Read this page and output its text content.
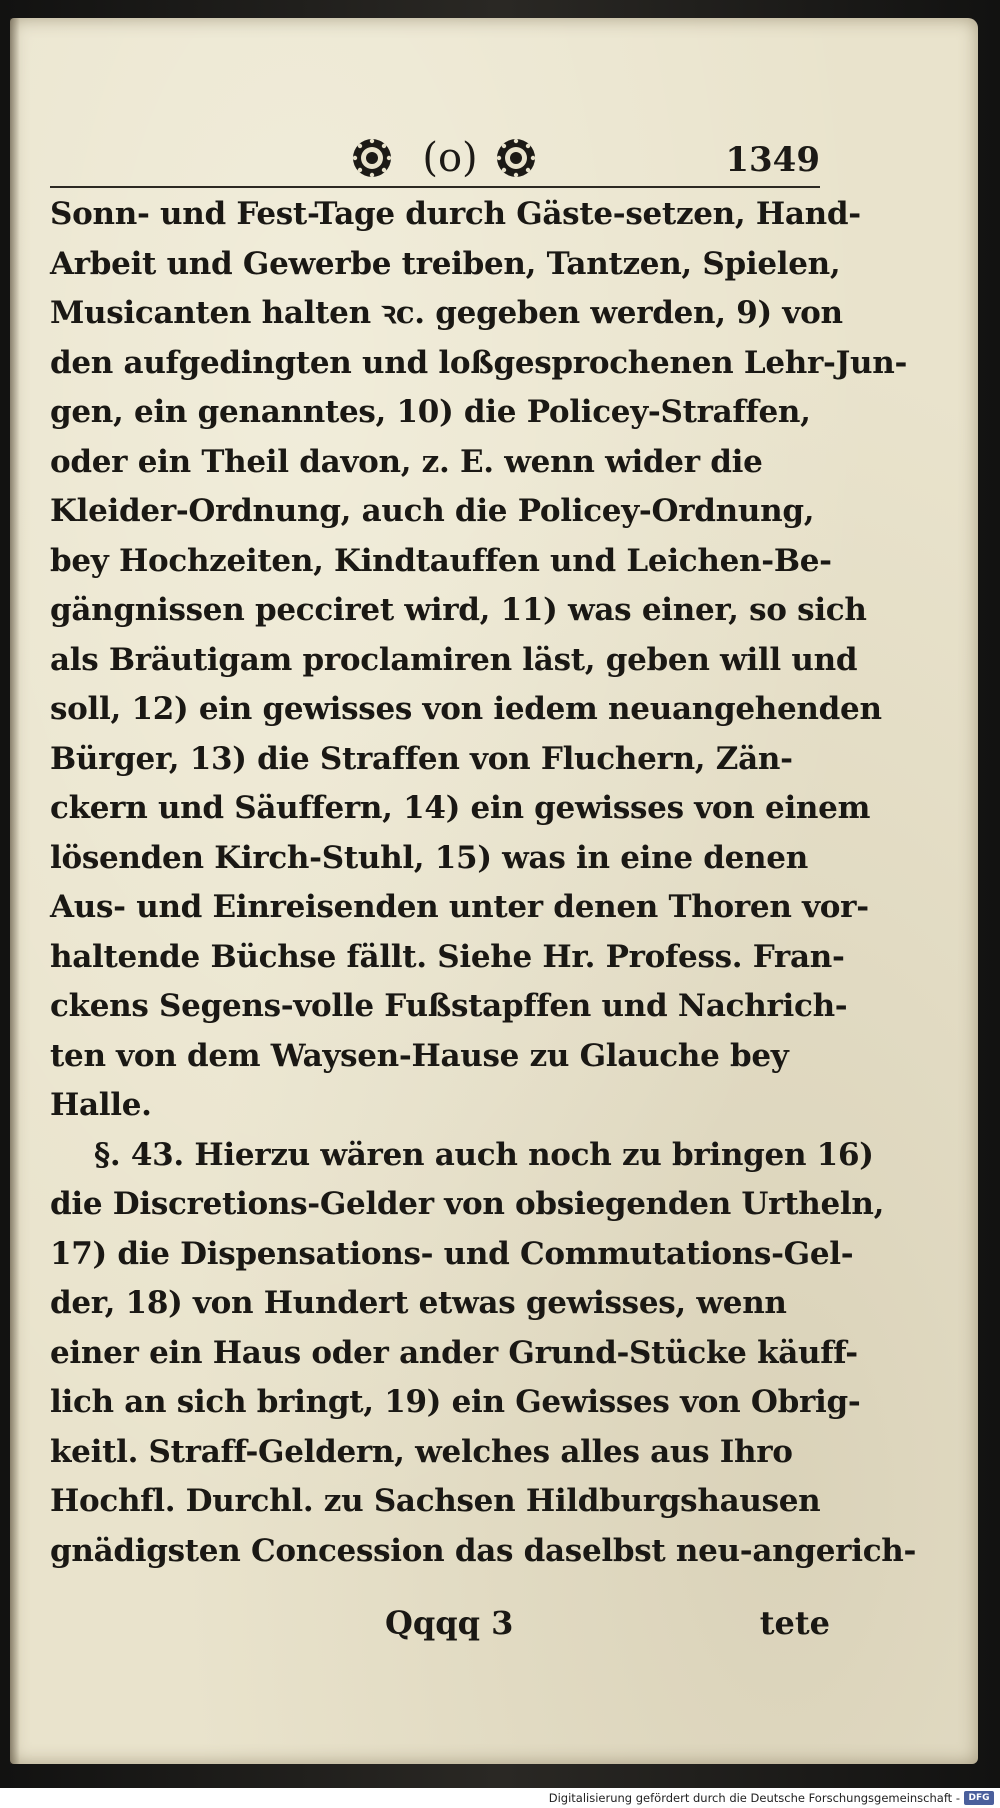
(o)	1349
Sonn- und Fest-Tage durch Gäste-setzen, Hand-
Arbeit und Gewerbe treiben, Tantzen, Spielen,
Musicanten halten ꝛc. gegeben werden, 9) von
den aufgedingten und loßgesprochenen Lehr-Jun-
gen, ein genanntes, 10) die Policey-Straffen,
oder ein Theil davon, z. E. wenn wider die
Kleider-Ordnung, auch die Policey-Ordnung,
bey Hochzeiten, Kindtauffen und Leichen-Be-
gängnissen pecciret wird, 11) was einer, so sich
als Bräutigam proclamiren läst, geben will und
soll, 12) ein gewisses von iedem neuangehenden
Bürger, 13) die Straffen von Fluchern, Zän-
ckern und Säuffern, 14) ein gewisses von einem
lösenden Kirch-Stuhl, 15) was in eine denen
Aus- und Einreisenden unter denen Thoren vor-
haltende Büchse fällt. Siehe Hr. Profess. Fran-
ckens Segens-volle Fußstapffen und Nachrich-
ten von dem Waysen-Hause zu Glauche bey
Halle.
§. 43. Hierzu wären auch noch zu bringen 16)
die Discretions-Gelder von obsiegenden Urtheln,
17) die Dispensations- und Commutations-Gel-
der, 18) von Hundert etwas gewisses, wenn
einer ein Haus oder ander Grund-Stücke käuff-
lich an sich bringt, 19) ein Gewisses von Obrig-
keitl. Straff-Geldern, welches alles aus Ihro
Hochfl. Durchl. zu Sachsen Hildburgshausen
gnädigsten Concession das daselbst neu-angerich-
Qqqq 3	tete
Digitalisierung gefördert durch die Deutsche Forschungsgemeinschaft - DFG
